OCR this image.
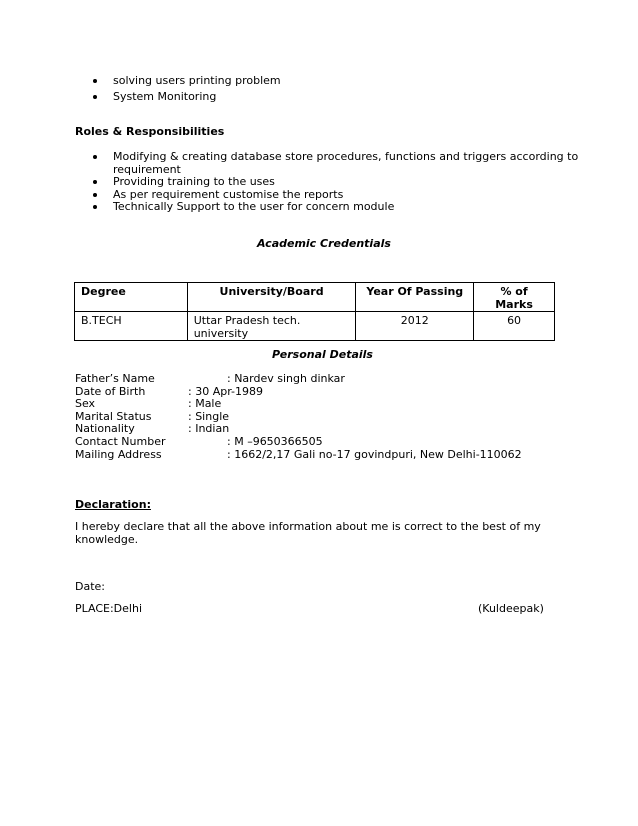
solving users printing problem
System Monitoring
Roles & Responsibilities
Modifying & creating database store procedures, functions and triggers according to
requirement
Providing training to the uses
As per requirement customise the reports
Technically Support to the user for concern module
Academic Credentials
Degree	University/Board	Year Of Passing	% of Marks
B.TECH	Uttar Pradesh tech. university	2012	60
Personal Details
Father’s Name	: Nardev singh dinkar
Date of Birth	: 30 Apr-1989
Sex	: Male
Marital Status	: Single
Nationality	: Indian
Contact Number	: M –9650366505
Mailing Address	: 1662/2,17 Gali no-17 govindpuri, New Delhi-110062
Declaration:
I hereby declare that all the above information about me is correct to the best of my
knowledge.
Date:
PLACE:Delhi	(Kuldeepak)
